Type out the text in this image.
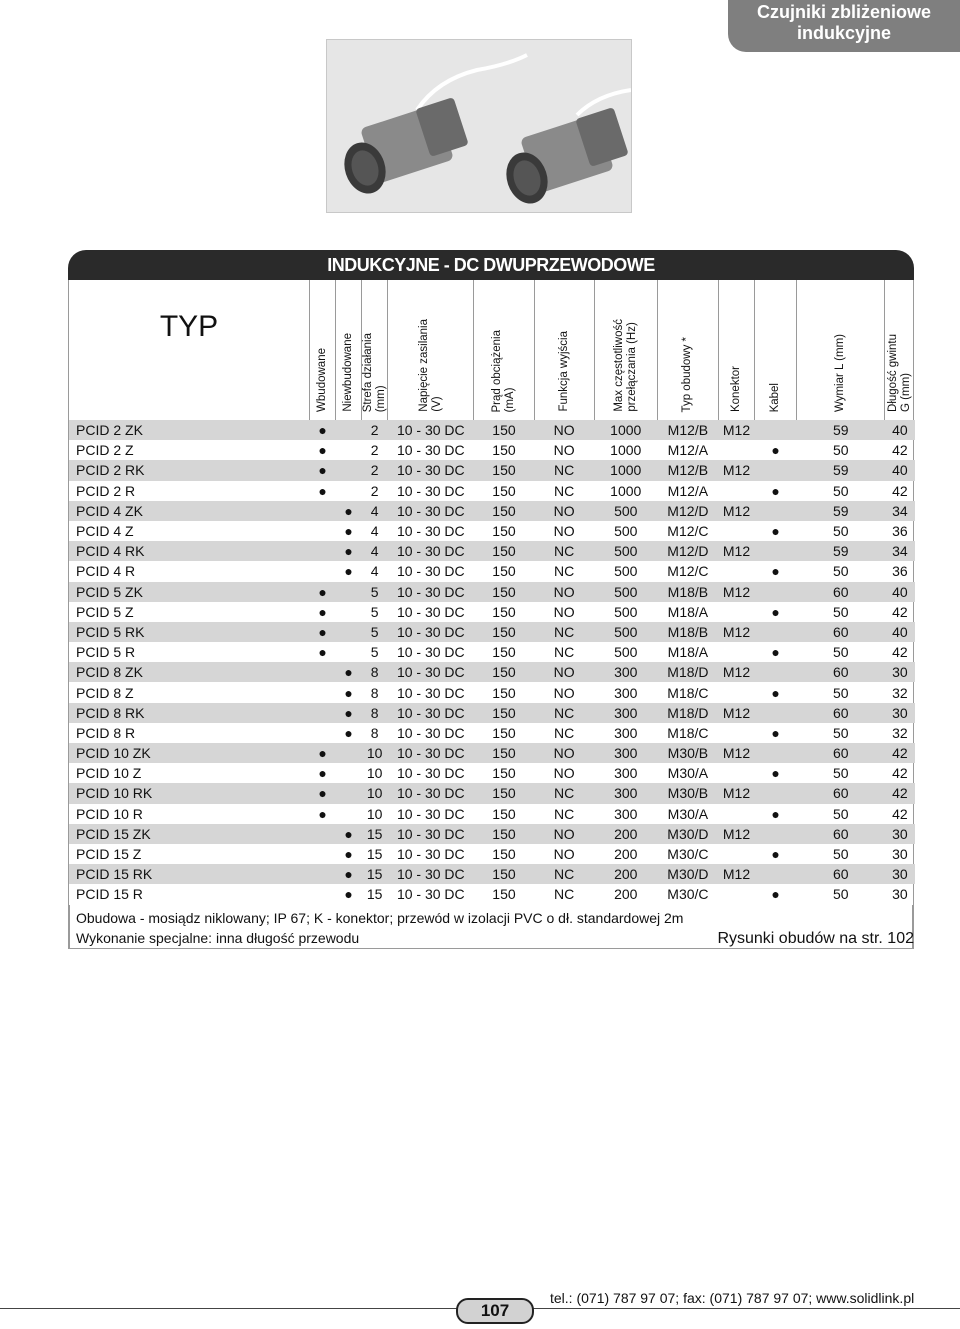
Czujniki zbliżeniowe
indukcyjne
INDUKCYJNE - DC DWUPRZEWODOWE
TYP	Wbudowane	Niewbudowane	Strefa działania
(mm)	Napięcie zasilania
(V)	Prąd obciążenia
(mA)	Funkcja wyjścia	Max częstotliwość
przełączania (Hz)	Typ obudowy *	Konektor	Kabel	Wymiar L (mm)	Długość gwintu
G (mm)

PCID 2 ZK	●		2	10 - 30 DC	150	NO	1000	M12/B	M12		59	40
PCID 2 Z	●		2	10 - 30 DC	150	NO	1000	M12/A		●	50	42
PCID 2 RK	●		2	10 - 30 DC	150	NC	1000	M12/B	M12		59	40
PCID 2 R	●		2	10 - 30 DC	150	NC	1000	M12/A		●	50	42
PCID 4 ZK		●	4	10 - 30 DC	150	NO	500	M12/D	M12		59	34
PCID 4 Z		●	4	10 - 30 DC	150	NO	500	M12/C		●	50	36
PCID 4 RK		●	4	10 - 30 DC	150	NC	500	M12/D	M12		59	34
PCID 4 R		●	4	10 - 30 DC	150	NC	500	M12/C		●	50	36
PCID 5 ZK	●		5	10 - 30 DC	150	NO	500	M18/B	M12		60	40
PCID 5 Z	●		5	10 - 30 DC	150	NO	500	M18/A		●	50	42
PCID 5 RK	●		5	10 - 30 DC	150	NC	500	M18/B	M12		60	40
PCID 5 R	●		5	10 - 30 DC	150	NC	500	M18/A		●	50	42
PCID 8 ZK		●	8	10 - 30 DC	150	NO	300	M18/D	M12		60	30
PCID 8 Z		●	8	10 - 30 DC	150	NO	300	M18/C		●	50	32
PCID 8 RK		●	8	10 - 30 DC	150	NC	300	M18/D	M12		60	30
PCID 8 R		●	8	10 - 30 DC	150	NC	300	M18/C		●	50	32
PCID 10 ZK	●		10	10 - 30 DC	150	NO	300	M30/B	M12		60	42
PCID 10 Z	●		10	10 - 30 DC	150	NO	300	M30/A		●	50	42
PCID 10 RK	●		10	10 - 30 DC	150	NC	300	M30/B	M12		60	42
PCID 10 R	●		10	10 - 30 DC	150	NC	300	M30/A		●	50	42
PCID 15 ZK		●	15	10 - 30 DC	150	NO	200	M30/D	M12		60	30
PCID 15 Z		●	15	10 - 30 DC	150	NO	200	M30/C		●	50	30
PCID 15 RK		●	15	10 - 30 DC	150	NC	200	M30/D	M12		60	30
PCID 15 R		●	15	10 - 30 DC	150	NC	200	M30/C		●	50	30
Obudowa - mosiądz niklowany; IP 67; K - konektor; przewód w izolacji PVC o dł. standardowej 2m
Wykonanie specjalne: inna długość przewodu	Rysunki obudów na str. 102
107
tel.: (071) 787 97 07; fax: (071) 787 97 07; www.solidlink.pl
